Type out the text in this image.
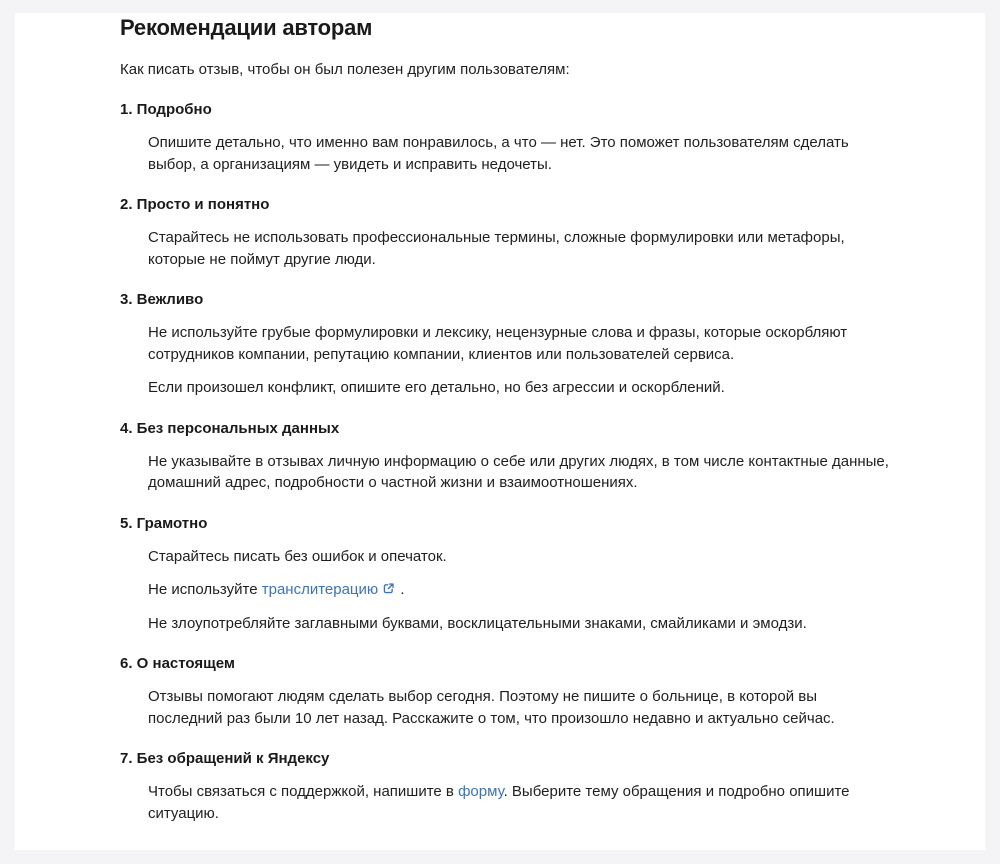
Рекомендации авторам

Как писать отзыв, чтобы он был полезен другим пользователям:

1. Подробно

Опишите детально, что именно вам понравилось, а что — нет. Это поможет пользователям сделать выбор, а организациям — увидеть и исправить недочеты.

2. Просто и понятно

Старайтесь не использовать профессиональные термины, сложные формулировки или метафоры, которые не поймут другие люди.

3. Вежливо

Не используйте грубые формулировки и лексику, нецензурные слова и фразы, которые оскорбляют сотрудников компании, репутацию компании, клиентов или пользователей сервиса.

Если произошел конфликт, опишите его детально, но без агрессии и оскорблений.

4. Без персональных данных

Не указывайте в отзывах личную информацию о себе или других людях, в том числе контактные данные, домашний адрес, подробности о частной жизни и взаимоотношениях.

5. Грамотно

Старайтесь писать без ошибок и опечаток.

Не используйте транслитерацию .

Не злоупотребляйте заглавными буквами, восклицательными знаками, смайликами и эмодзи.

6. О настоящем

Отзывы помогают людям сделать выбор сегодня. Поэтому не пишите о больнице, в которой вы последний раз были 10 лет назад. Расскажите о том, что произошло недавно и актуально сейчас.

7. Без обращений к Яндексу

Чтобы связаться с поддержкой, напишите в форму. Выберите тему обращения и подробно опишите ситуацию.
